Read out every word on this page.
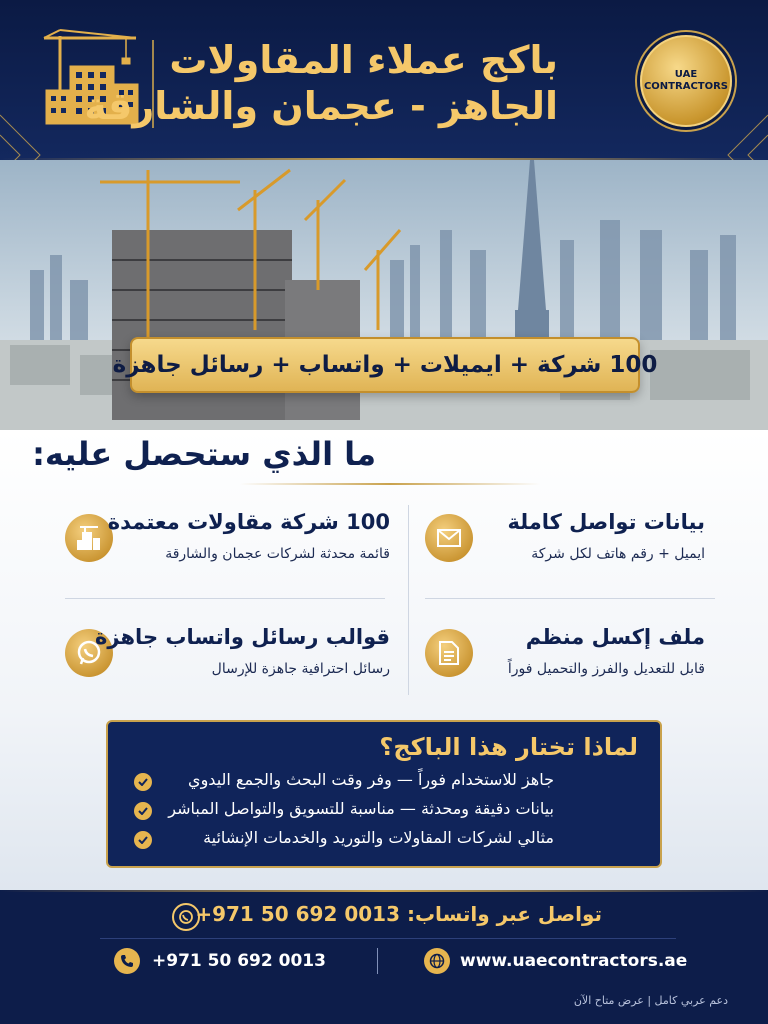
باكج عملاء المقاولات
الجاهز - عجمان والشارقة
UAE
CONTRACTORS
100 شركة + ايميلات + واتساب + رسائل جاهزة
ما الذي ستحصل عليه:
بيانات تواصل كاملة
ايميل + رقم هاتف لكل شركة
100 شركة مقاولات معتمدة
قائمة محدثة لشركات عجمان والشارقة
ملف إكسل منظم
قابل للتعديل والفرز والتحميل فوراً
قوالب رسائل واتساب جاهزة
رسائل احترافية جاهزة للإرسال
لماذا تختار هذا الباكج؟
جاهز للاستخدام فوراً — وفر وقت البحث والجمع اليدوي
بيانات دقيقة ومحدثة — مناسبة للتسويق والتواصل المباشر
مثالي لشركات المقاولات والتوريد والخدمات الإنشائية
تواصل عبر واتساب: 0013 692 50 971+
+971 50 692 0013	www.uaecontractors.ae
دعم عربي كامل | عرض متاح الآن
